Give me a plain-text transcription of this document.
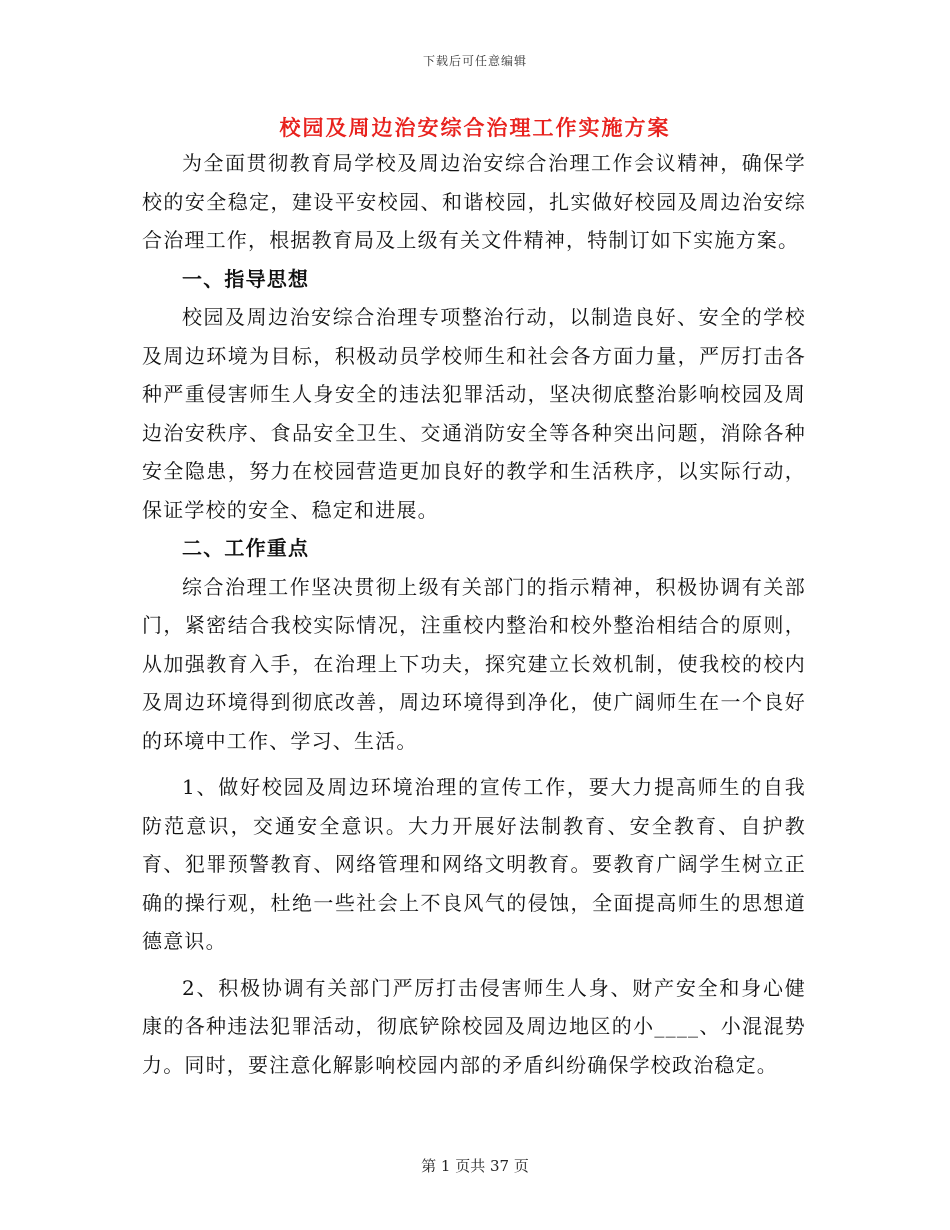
下载后可任意编辑
校园及周边治安综合治理工作实施方案

为全面贯彻教育局学校及周边治安综合治理工作会议精神，确保学校的安全稳定，建设平安校园、和谐校园，扎实做好校园及周边治安综合治理工作，根据教育局及上级有关文件精神，特制订如下实施方案。

一、指导思想

校园及周边治安综合治理专项整治行动，以制造良好、安全的学校及周边环境为目标，积极动员学校师生和社会各方面力量，严厉打击各种严重侵害师生人身安全的违法犯罪活动，坚决彻底整治影响校园及周边治安秩序、食品安全卫生、交通消防安全等各种突出问题，消除各种安全隐患，努力在校园营造更加良好的教学和生活秩序，以实际行动，保证学校的安全、稳定和进展。

二、工作重点

综合治理工作坚决贯彻上级有关部门的指示精神，积极协调有关部门，紧密结合我校实际情况，注重校内整治和校外整治相结合的原则，从加强教育入手，在治理上下功夫，探究建立长效机制，使我校的校内及周边环境得到彻底改善，周边环境得到净化，使广阔师生在一个良好的环境中工作、学习、生活。

1、做好校园及周边环境治理的宣传工作，要大力提高师生的自我防范意识，交通安全意识。大力开展好法制教育、安全教育、自护教育、犯罪预警教育、网络管理和网络文明教育。要教育广阔学生树立正确的操行观，杜绝一些社会上不良风气的侵蚀，全面提高师生的思想道德意识。

2、积极协调有关部门严厉打击侵害师生人身、财产安全和身心健康的各种违法犯罪活动，彻底铲除校园及周边地区的小____、小混混势力。同时，要注意化解影响校园内部的矛盾纠纷确保学校政治稳定。

第 1 页共 37 页
